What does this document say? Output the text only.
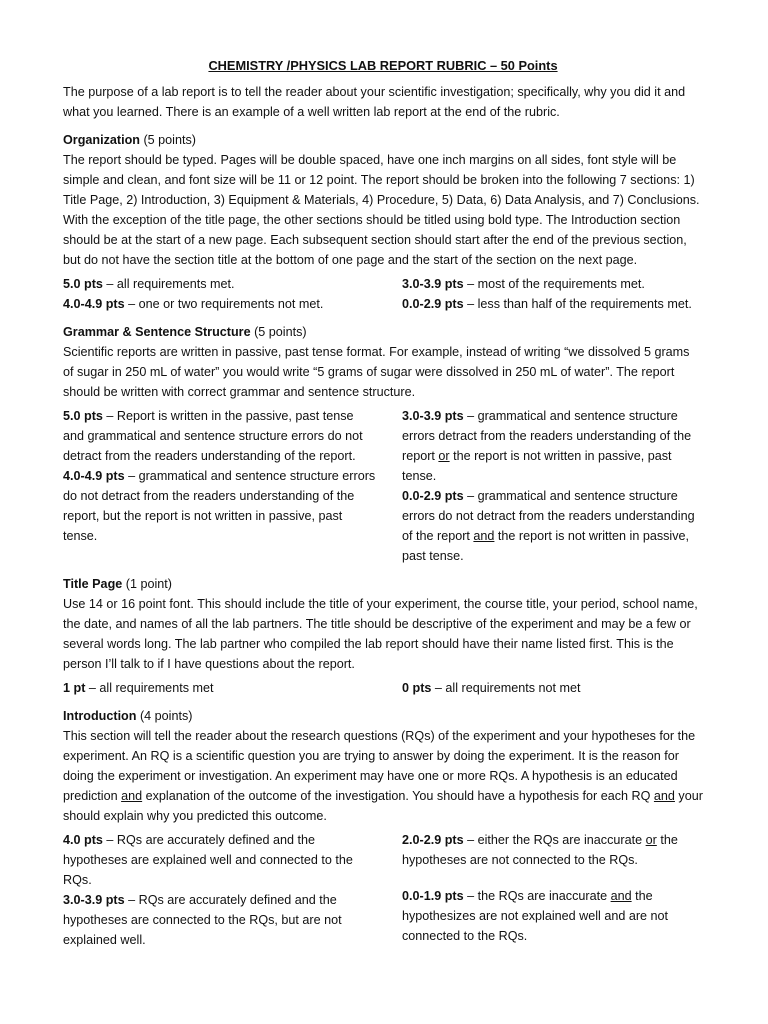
CHEMISTRY /PHYSICS LAB REPORT RUBRIC – 50 Points

The purpose of a lab report is to tell the reader about your scientific investigation; specifically, why you did it and what you learned. There is an example of a well written lab report at the end of the rubric.

Organization (5 points)

The report should be typed. Pages will be double spaced, have one inch margins on all sides, font style will be simple and clean, and font size will be 11 or 12 point. The report should be broken into the following 7 sections: 1) Title Page, 2) Introduction, 3) Equipment & Materials, 4) Procedure, 5) Data, 6) Data Analysis, and 7) Conclusions. With the exception of the title page, the other sections should be titled using bold type. The Introduction section should be at the start of a new page. Each subsequent section should start after the end of the previous section, but do not have the section title at the bottom of one page and the start of the section on the next page.

5.0 pts – all requirements met.

4.0-4.9 pts – one or two requirements not met.

3.0-3.9 pts – most of the requirements met.

0.0-2.9 pts – less than half of the requirements met.

Grammar & Sentence Structure (5 points)

Scientific reports are written in passive, past tense format. For example, instead of writing “we dissolved 5 grams of sugar in 250 mL of water” you would write “5 grams of sugar were dissolved in 250 mL of water”. The report should be written with correct grammar and sentence structure.

5.0 pts – Report is written in the passive, past tense and grammatical and sentence structure errors do not detract from the readers understanding of the report.

4.0-4.9 pts – grammatical and sentence structure errors do not detract from the readers understanding of the report, but the report is not written in passive, past tense.

3.0-3.9 pts – grammatical and sentence structure errors detract from the readers understanding of the report or the report is not written in passive, past tense.

0.0-2.9 pts – grammatical and sentence structure errors do not detract from the readers understanding of the report and the report is not written in passive, past tense.

Title Page (1 point)

Use 14 or 16 point font. This should include the title of your experiment, the course title, your period, school name, the date, and names of all the lab partners. The title should be descriptive of the experiment and may be a few or several words long. The lab partner who compiled the lab report should have their name listed first. This is the person I’ll talk to if I have questions about the report.

1 pt – all requirements met	0 pts – all requirements not met

Introduction (4 points)

This section will tell the reader about the research questions (RQs) of the experiment and your hypotheses for the experiment. An RQ is a scientific question you are trying to answer by doing the experiment. It is the reason for doing the experiment or investigation. An experiment may have one or more RQs. A hypothesis is an educated prediction and explanation of the outcome of the investigation. You should have a hypothesis for each RQ and your should explain why you predicted this outcome.

4.0 pts – RQs are accurately defined and the hypotheses are explained well and connected to the RQs.

3.0-3.9 pts – RQs are accurately defined and the hypotheses are connected to the RQs, but are not explained well.

2.0-2.9 pts – either the RQs are inaccurate or the hypotheses are not connected to the RQs.

0.0-1.9 pts – the RQs are inaccurate and the hypothesizes are not explained well and are not connected to the RQs.
